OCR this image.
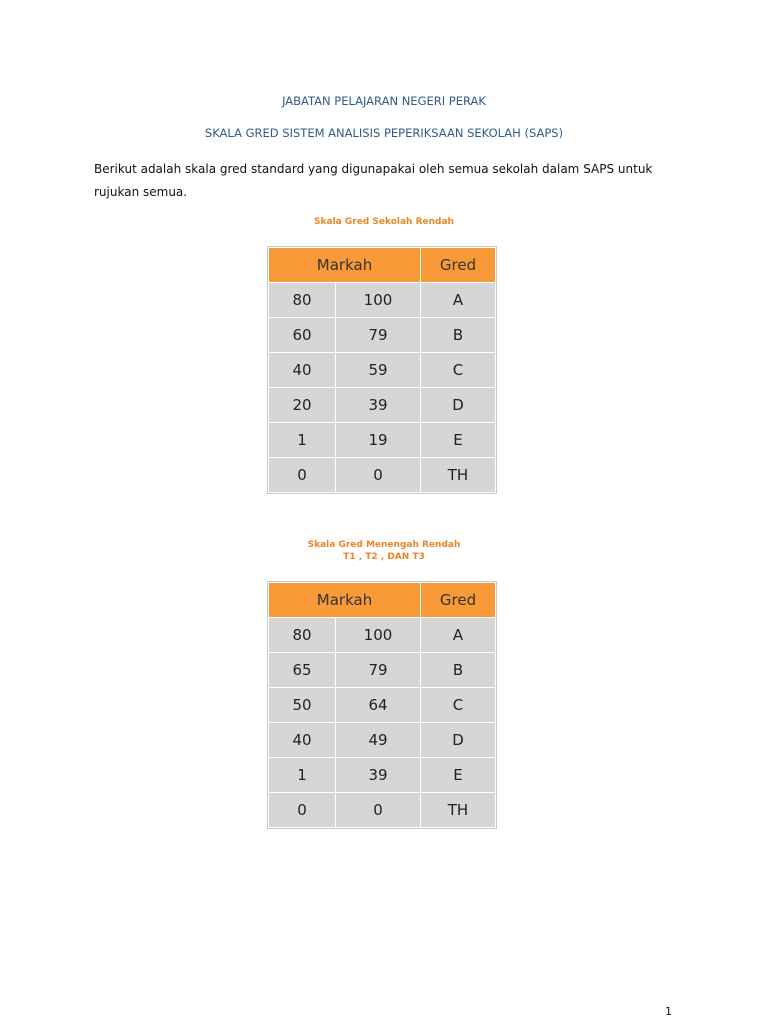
JABATAN PELAJARAN NEGERI PERAK
SKALA GRED SISTEM ANALISIS PEPERIKSAAN SEKOLAH (SAPS)
Berikut adalah skala gred standard yang digunapakai oleh semua sekolah dalam SAPS untuk rujukan semua.
Skala Gred Sekolah Rendah
Markah		Gred
80	100	A
60	79	B
40	59	C
20	39	D
1	19	E
0	0	TH
Skala Gred Menengah Rendah
T1 , T2 , DAN T3
Markah		Gred
80	100	A
65	79	B
50	64	C
40	49	D
1	39	E
0	0	TH
1
